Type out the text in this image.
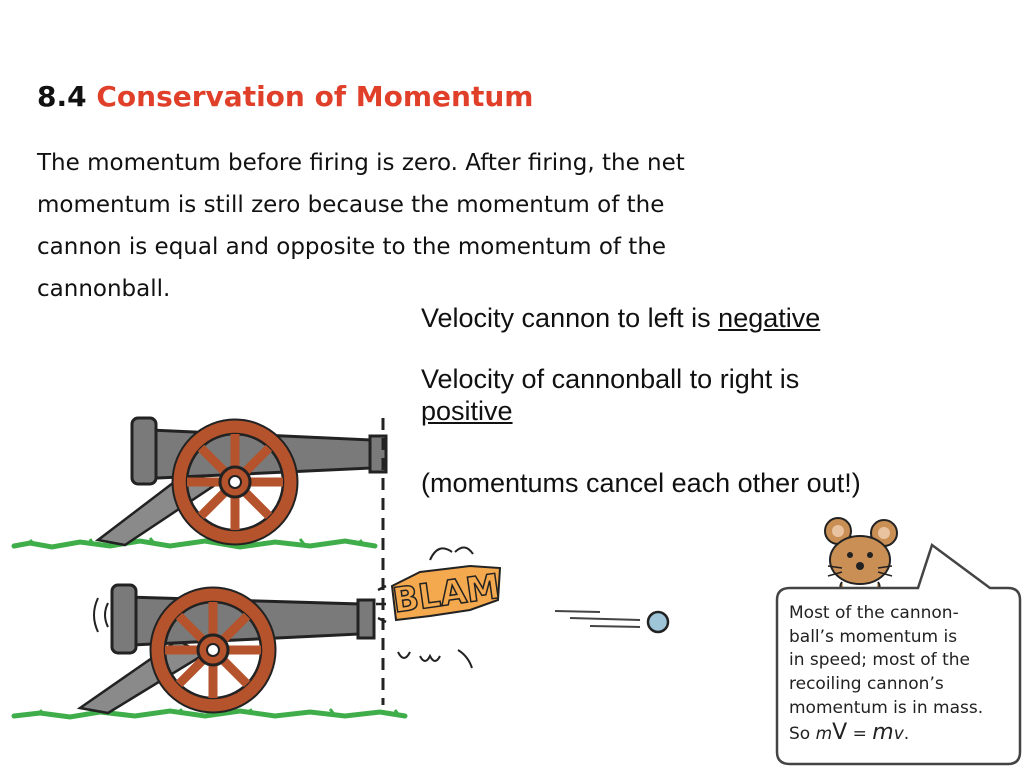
8.4 Conservation of Momentum

The momentum before firing is zero. After firing, the net
momentum is still zero because the momentum of the
cannon is equal and opposite to the momentum of the
cannonball.

Velocity cannon to left is negative

Velocity of cannonball to right is
positive

(momentums cancel each other out!)

BLAM	Most of the cannon-
ball’s momentum is
in speed; most of the
recoiling cannon’s
momentum is in mass.
So mV = mv.
